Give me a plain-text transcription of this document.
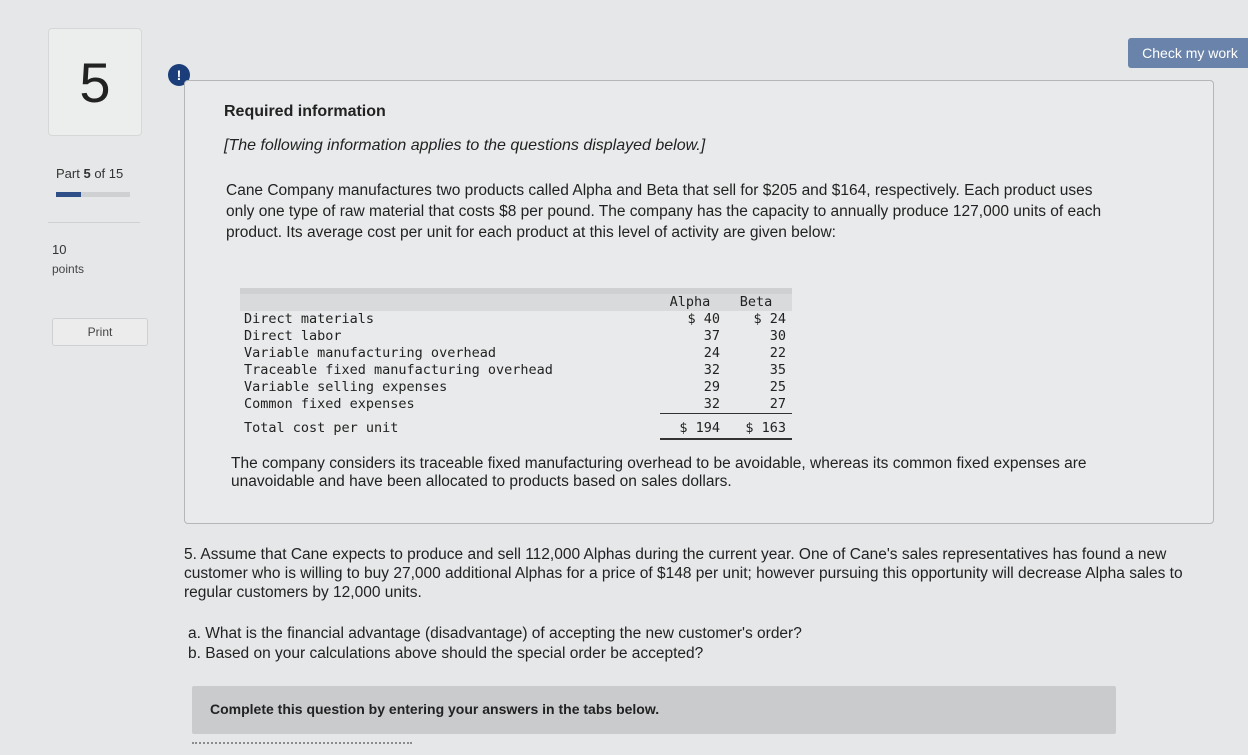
5
Part 5 of 15
10
points
Print
!
Check my work
Required information
[The following information applies to the questions displayed below.]
Cane Company manufactures two products called Alpha and Beta that sell for $205 and $164, respectively. Each product uses only one type of raw material that costs $8 per pound. The company has the capacity to annually produce 127,000 units of each product. Its average cost per unit for each product at this level of activity are given below:
	Alpha	Beta
Direct materials	$ 40	$ 24
Direct labor	37	30
Variable manufacturing overhead	24	22
Traceable fixed manufacturing overhead	32	35
Variable selling expenses	29	25
Common fixed expenses	32	27
Total cost per unit	$ 194	$ 163
The company considers its traceable fixed manufacturing overhead to be avoidable, whereas its common fixed expenses are unavoidable and have been allocated to products based on sales dollars.
5. Assume that Cane expects to produce and sell 112,000 Alphas during the current year. One of Cane's sales representatives has found a new customer who is willing to buy 27,000 additional Alphas for a price of $148 per unit; however pursuing this opportunity will decrease Alpha sales to regular customers by 12,000 units.
a. What is the financial advantage (disadvantage) of accepting the new customer's order?
b. Based on your calculations above should the special order be accepted?
Complete this question by entering your answers in the tabs below.
